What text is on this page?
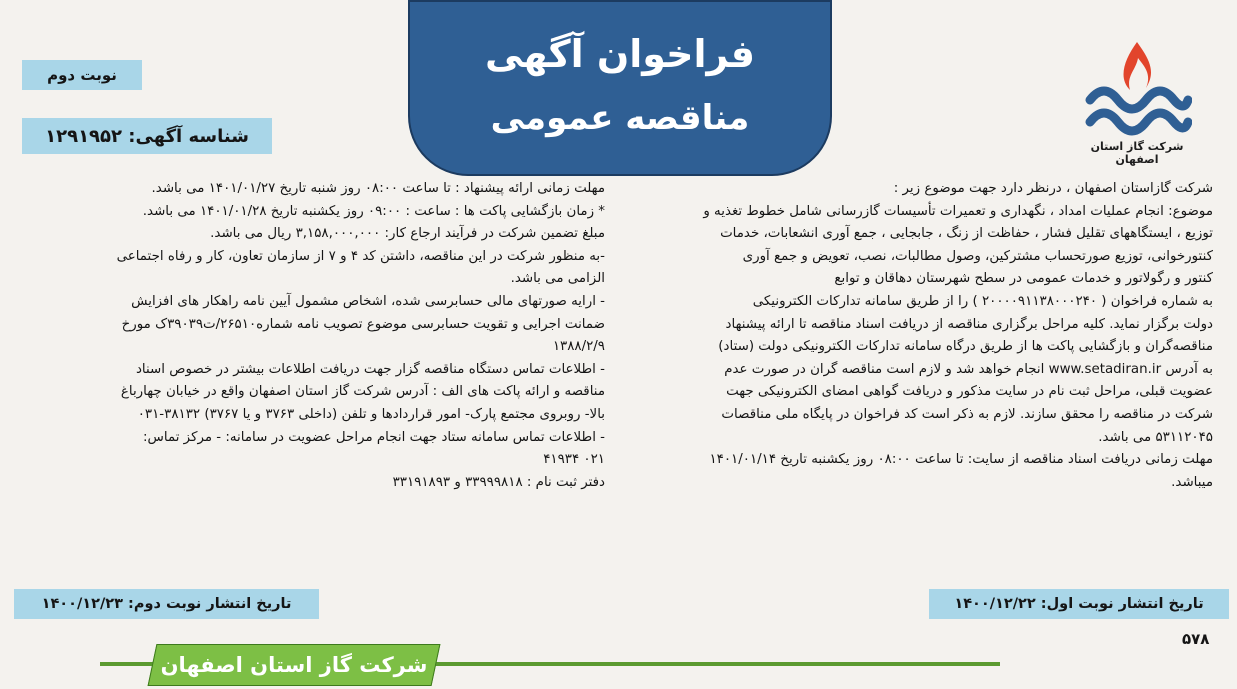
فراخوان آگهی
مناقصه عمومی
شرکت گاز استان اصفهان
نوبت دوم
شناسه آگهی: ۱۲۹۱۹۵۲
شرکت گازاستان اصفهان ، درنظر دارد جهت موضوع زیر :
موضوع: انجام عملیات امداد ، نگهداری و تعمیرات تأسیسات گازرسانی شامل خطوط تغذیه و
توزیع ، ایستگاههای تقلیل فشار ، حفاظت از زنگ ، جابجایی ، جمع آوری انشعابات، خدمات
کنتورخوانی، توزیع صورتحساب مشترکین، وصول مطالبات، نصب، تعویض و جمع آوری
کنتور و رگولاتور و خدمات عمومی در سطح شهرستان دهاقان و توابع
به شماره فراخوان ( ۲۰۰۰۰۹۱۱۳۸۰۰۰۲۴۰ ) را از طریق سامانه تدارکات الکترونیکی
دولت برگزار نماید. کلیه مراحل برگزاری مناقصه از دریافت اسناد مناقصه تا ارائه پیشنهاد
مناقصه‌گران و بازگشایی پاکت ها از طریق درگاه سامانه تدارکات الکترونیکی دولت (ستاد)
به آدرس www.setadiran.ir انجام خواهد شد و لازم است مناقصه گران در صورت عدم
عضویت قبلی، مراحل ثبت نام در سایت مذکور و دریافت گواهی امضای الکترونیکی جهت
شرکت در مناقصه را محقق سازند. لازم به ذکر است کد فراخوان در پایگاه ملی مناقصات
۵۳۱۱۲۰۴۵ می باشد.
مهلت زمانی دریافت اسناد مناقصه از سایت: تا ساعت ۰۸:۰۰ روز یکشنبه تاریخ ۱۴۰۱/۰۱/۱۴
میباشد.
مهلت زمانی ارائه پیشنهاد : تا ساعت ۰۸:۰۰ روز شنبه تاریخ ۱۴۰۱/۰۱/۲۷ می باشد.
* زمان بازگشایی پاکت ها : ساعت : ۰۹:۰۰ روز یکشنبه تاریخ ۱۴۰۱/۰۱/۲۸ می باشد.
مبلغ تضمین شرکت در فرآیند ارجاع کار: ۳,۱۵۸,۰۰۰,۰۰۰ ریال می باشد.
-به منظور شرکت در این مناقصه، داشتن کد ۴ و ۷ از سازمان تعاون، کار و رفاه اجتماعی
الزامی می باشد.
- ارایه صورتهای مالی حسابرسی شده، اشخاص مشمول آیین نامه راهکار های افزایش
ضمانت اجرایی و تقویت حسابرسی موضوع تصویب نامه شماره۲۶۵۱۰/ت۳۹۰۳۹ک مورخ
۱۳۸۸/۲/۹
- اطلاعات تماس دستگاه مناقصه گزار جهت دریافت اطلاعات بیشتر در خصوص اسناد
مناقصه و ارائه پاکت های الف : آدرس شرکت گاز استان اصفهان واقع در خیابان چهارباغ
بالا- روبروی مجتمع پارک- امور قراردادها و تلفن (داخلی ۳۷۶۳ و یا ۳۷۶۷) ۳۸۱۳۲-۰۳۱
- اطلاعات تماس سامانه ستاد جهت انجام مراحل عضویت در سامانه: - مرکز تماس:
۰۲۱ ۴۱۹۳۴
دفتر ثبت نام : ۳۳۹۹۹۸۱۸ و ۳۳۱۹۱۸۹۳
تاریخ انتشار نوبت اول: ۱۴۰۰/۱۲/۲۲
تاریخ انتشار نوبت دوم: ۱۴۰۰/۱۲/۲۳
۵۷۸
شرکت گاز استان اصفهان
